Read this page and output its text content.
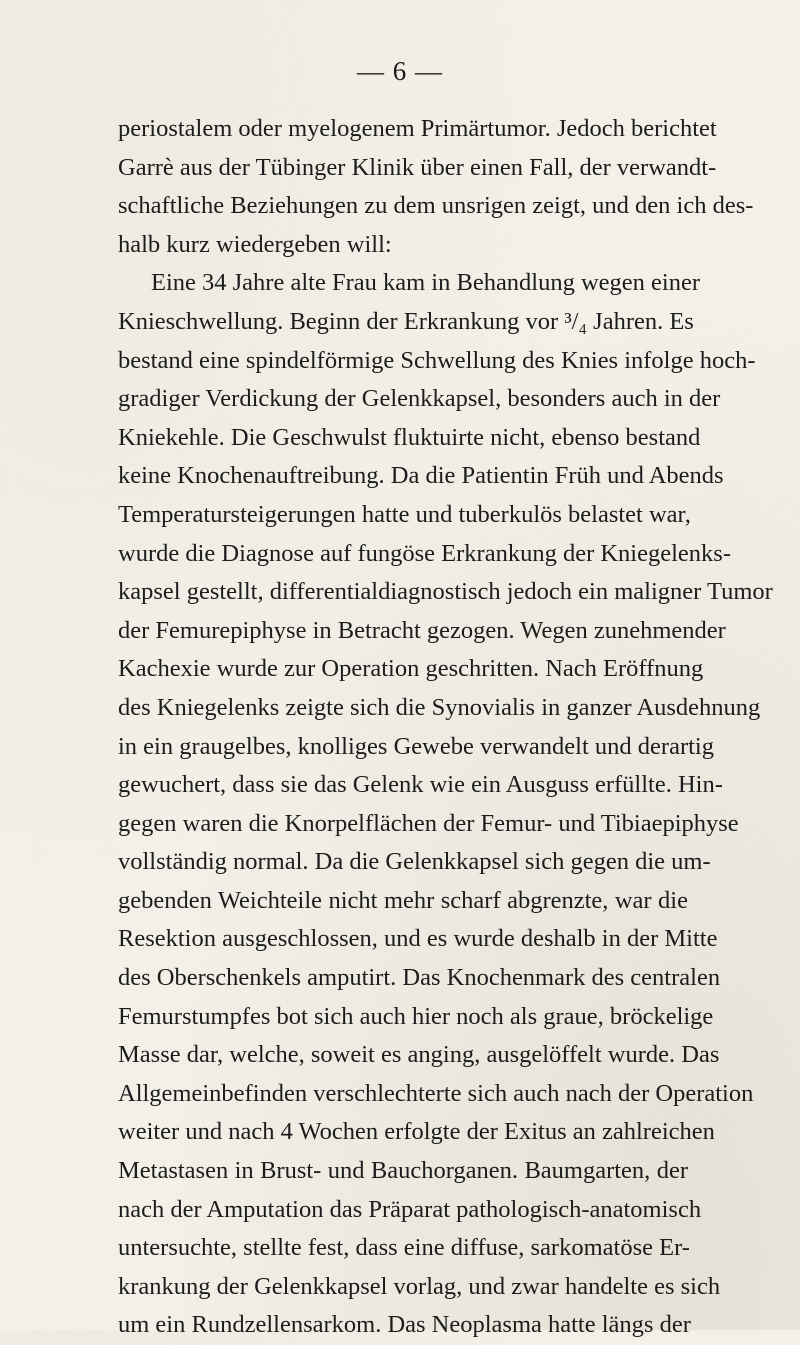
— 6 —
periostalem oder myelogenem Primärtumor. Jedoch berichtet
Garrè aus der Tübinger Klinik über einen Fall, der verwandt-
schaftliche Beziehungen zu dem unsrigen zeigt, und den ich des-
halb kurz wiedergeben will:
Eine 34 Jahre alte Frau kam in Behandlung wegen einer
Knieschwellung. Beginn der Erkrankung vor ³/₄ Jahren. Es
bestand eine spindelförmige Schwellung des Knies infolge hoch-
gradiger Verdickung der Gelenkkapsel, besonders auch in der
Kniekehle. Die Geschwulst fluktuirte nicht, ebenso bestand
keine Knochenauftreibung. Da die Patientin Früh und Abends
Temperatursteigerungen hatte und tuberkulös belastet war,
wurde die Diagnose auf fungöse Erkrankung der Kniegelenks-
kapsel gestellt, differentialdiagnostisch jedoch ein maligner Tumor
der Femurepiphyse in Betracht gezogen. Wegen zunehmender
Kachexie wurde zur Operation geschritten. Nach Eröffnung
des Kniegelenks zeigte sich die Synovialis in ganzer Ausdehnung
in ein graugelbes, knolliges Gewebe verwandelt und derartig
gewuchert, dass sie das Gelenk wie ein Ausguss erfüllte. Hin-
gegen waren die Knorpelflächen der Femur- und Tibiaepiphyse
vollständig normal. Da die Gelenkkapsel sich gegen die um-
gebenden Weichteile nicht mehr scharf abgrenzte, war die
Resektion ausgeschlossen, und es wurde deshalb in der Mitte
des Oberschenkels amputirt. Das Knochenmark des centralen
Femurstumpfes bot sich auch hier noch als graue, bröckelige
Masse dar, welche, soweit es anging, ausgelöffelt wurde. Das
Allgemeinbefinden verschlechterte sich auch nach der Operation
weiter und nach 4 Wochen erfolgte der Exitus an zahlreichen
Metastasen in Brust- und Bauchorganen. Baumgarten, der
nach der Amputation das Präparat pathologisch-anatomisch
untersuchte, stellte fest, dass eine diffuse, sarkomatöse Er-
krankung der Gelenkkapsel vorlag, und zwar handelte es sich
um ein Rundzellensarkom. Das Neoplasma hatte längs der
